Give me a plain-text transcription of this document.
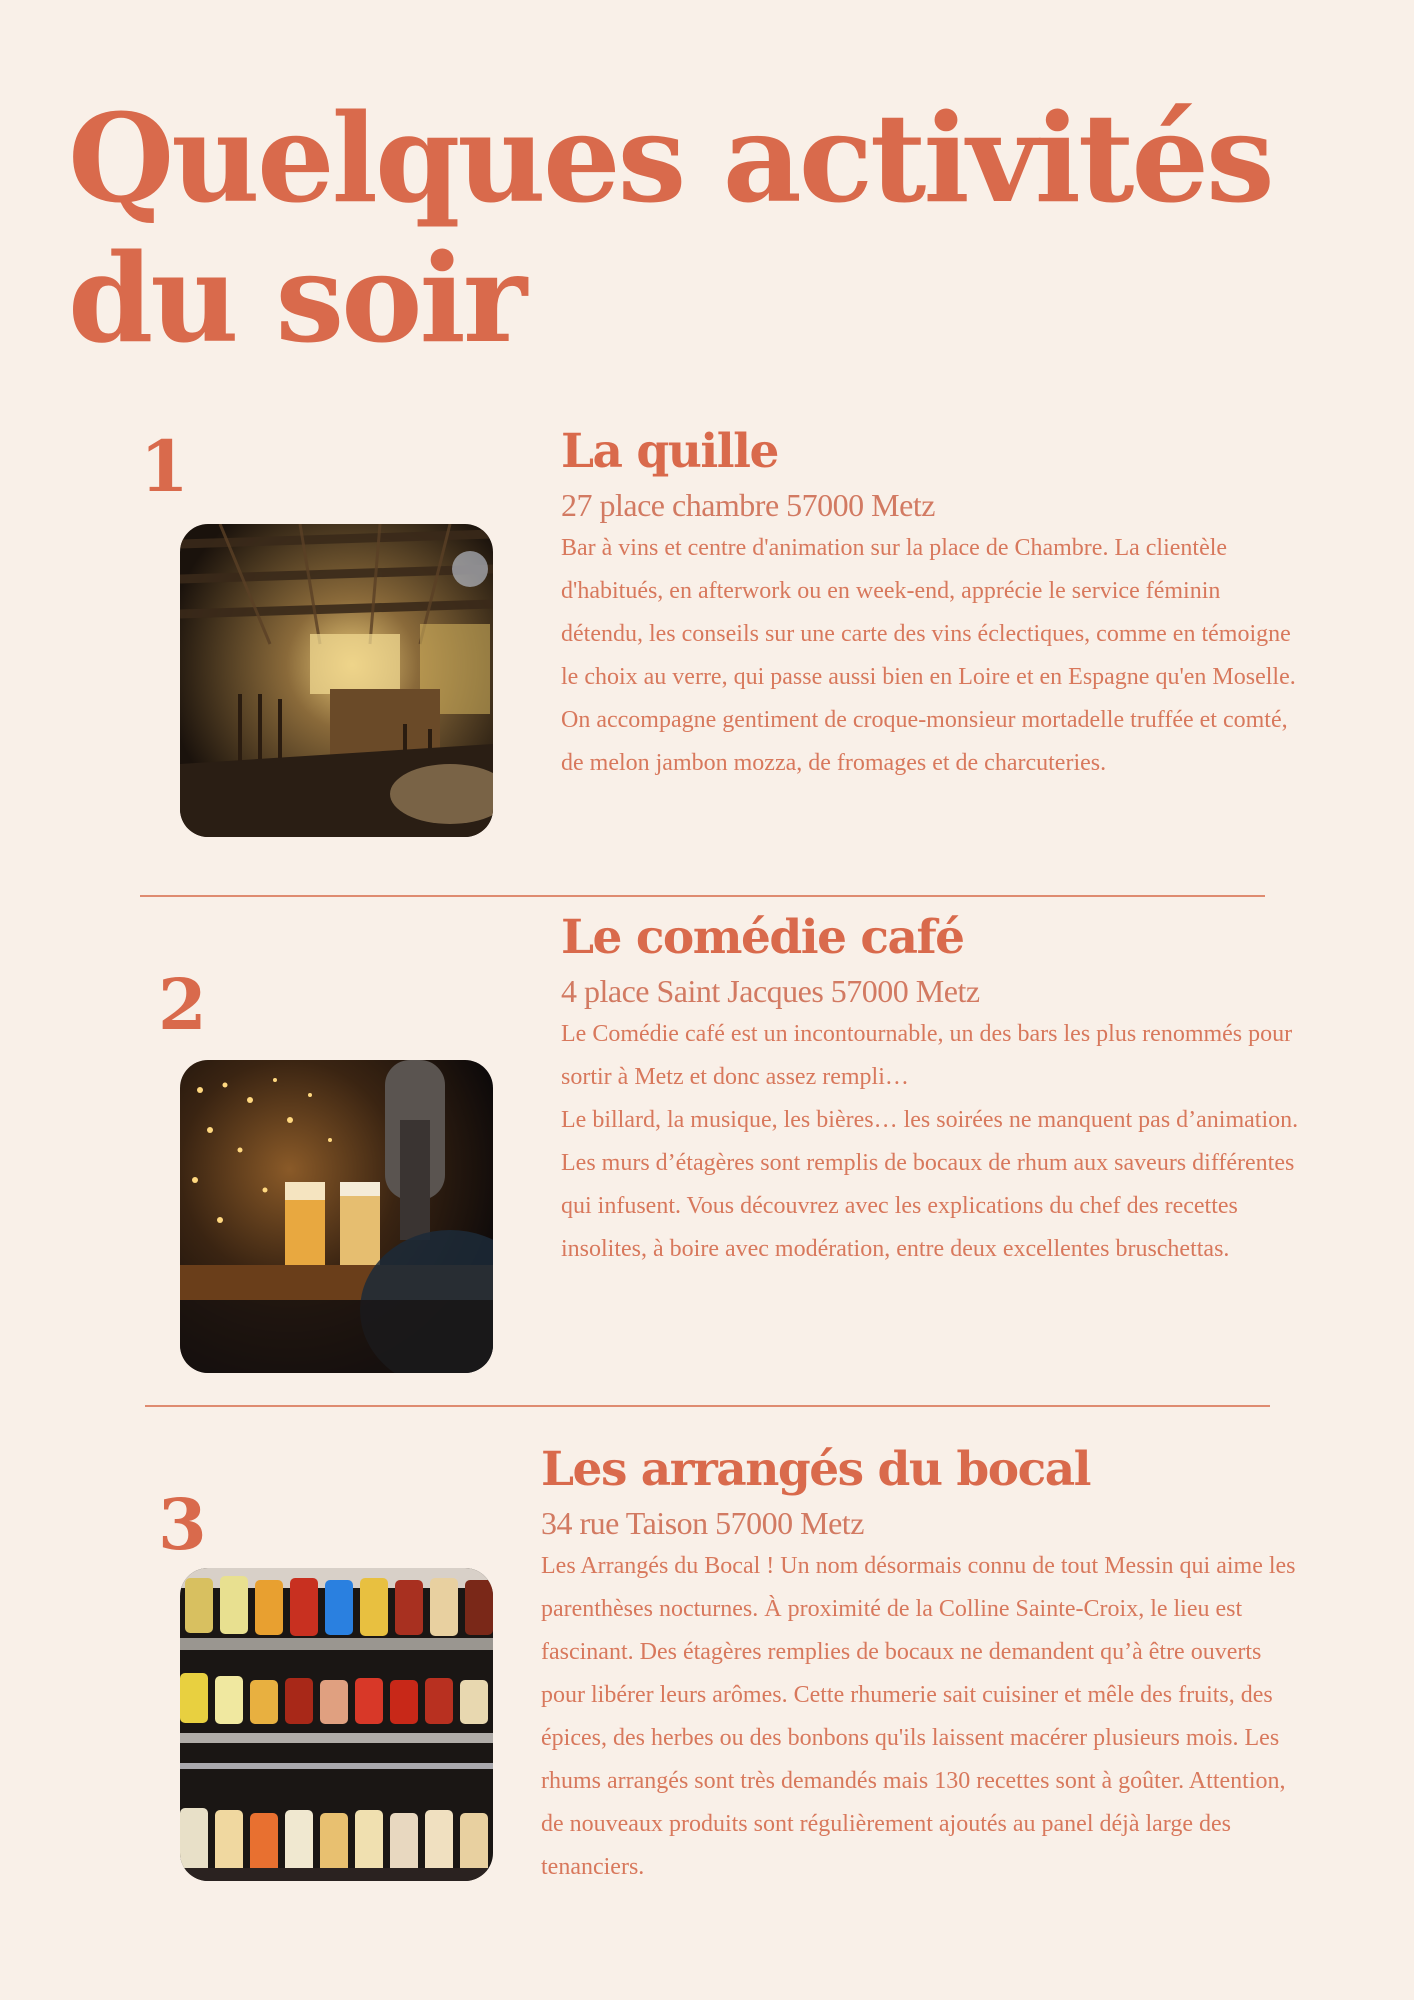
Quelques activités
du soir
1	La quille
27 place chambre 57000 Metz

Bar à vins et centre d'animation sur la place de Chambre. La clientèle d'habitués, en afterwork ou en week-end, apprécie le service féminin détendu, les conseils sur une carte des vins éclectiques, comme en témoigne le choix au verre, qui passe aussi bien en Loire et en Espagne qu'en Moselle. On accompagne gentiment de croque-monsieur mortadelle truffée et comté, de melon jambon mozza, de fromages et de charcuteries.

2
Le comédie café
4 place Saint Jacques 57000 Metz

Le Comédie café est un incontournable, un des bars les plus renommés pour sortir à Metz et donc assez rempli…

Le billard, la musique, les bières… les soirées ne manquent pas d’animation.

Les murs d’étagères sont remplis de bocaux de rhum aux saveurs différentes qui infusent. Vous découvrez avec les explications du chef des recettes insolites, à boire avec modération, entre deux excellentes bruschettas.

3
Les arrangés du bocal
34 rue Taison 57000 Metz

Les Arrangés du Bocal ! Un nom désormais connu de tout Messin qui aime les parenthèses nocturnes. À proximité de la Colline Sainte-Croix, le lieu est fascinant. Des étagères remplies de bocaux ne demandent qu’à être ouverts pour libérer leurs arômes. Cette rhumerie sait cuisiner et mêle des fruits, des épices, des herbes ou des bonbons qu'ils laissent macérer plusieurs mois. Les rhums arrangés sont très demandés mais 130 recettes sont à goûter. Attention, de nouveaux produits sont régulièrement ajoutés au panel déjà large des tenanciers.
